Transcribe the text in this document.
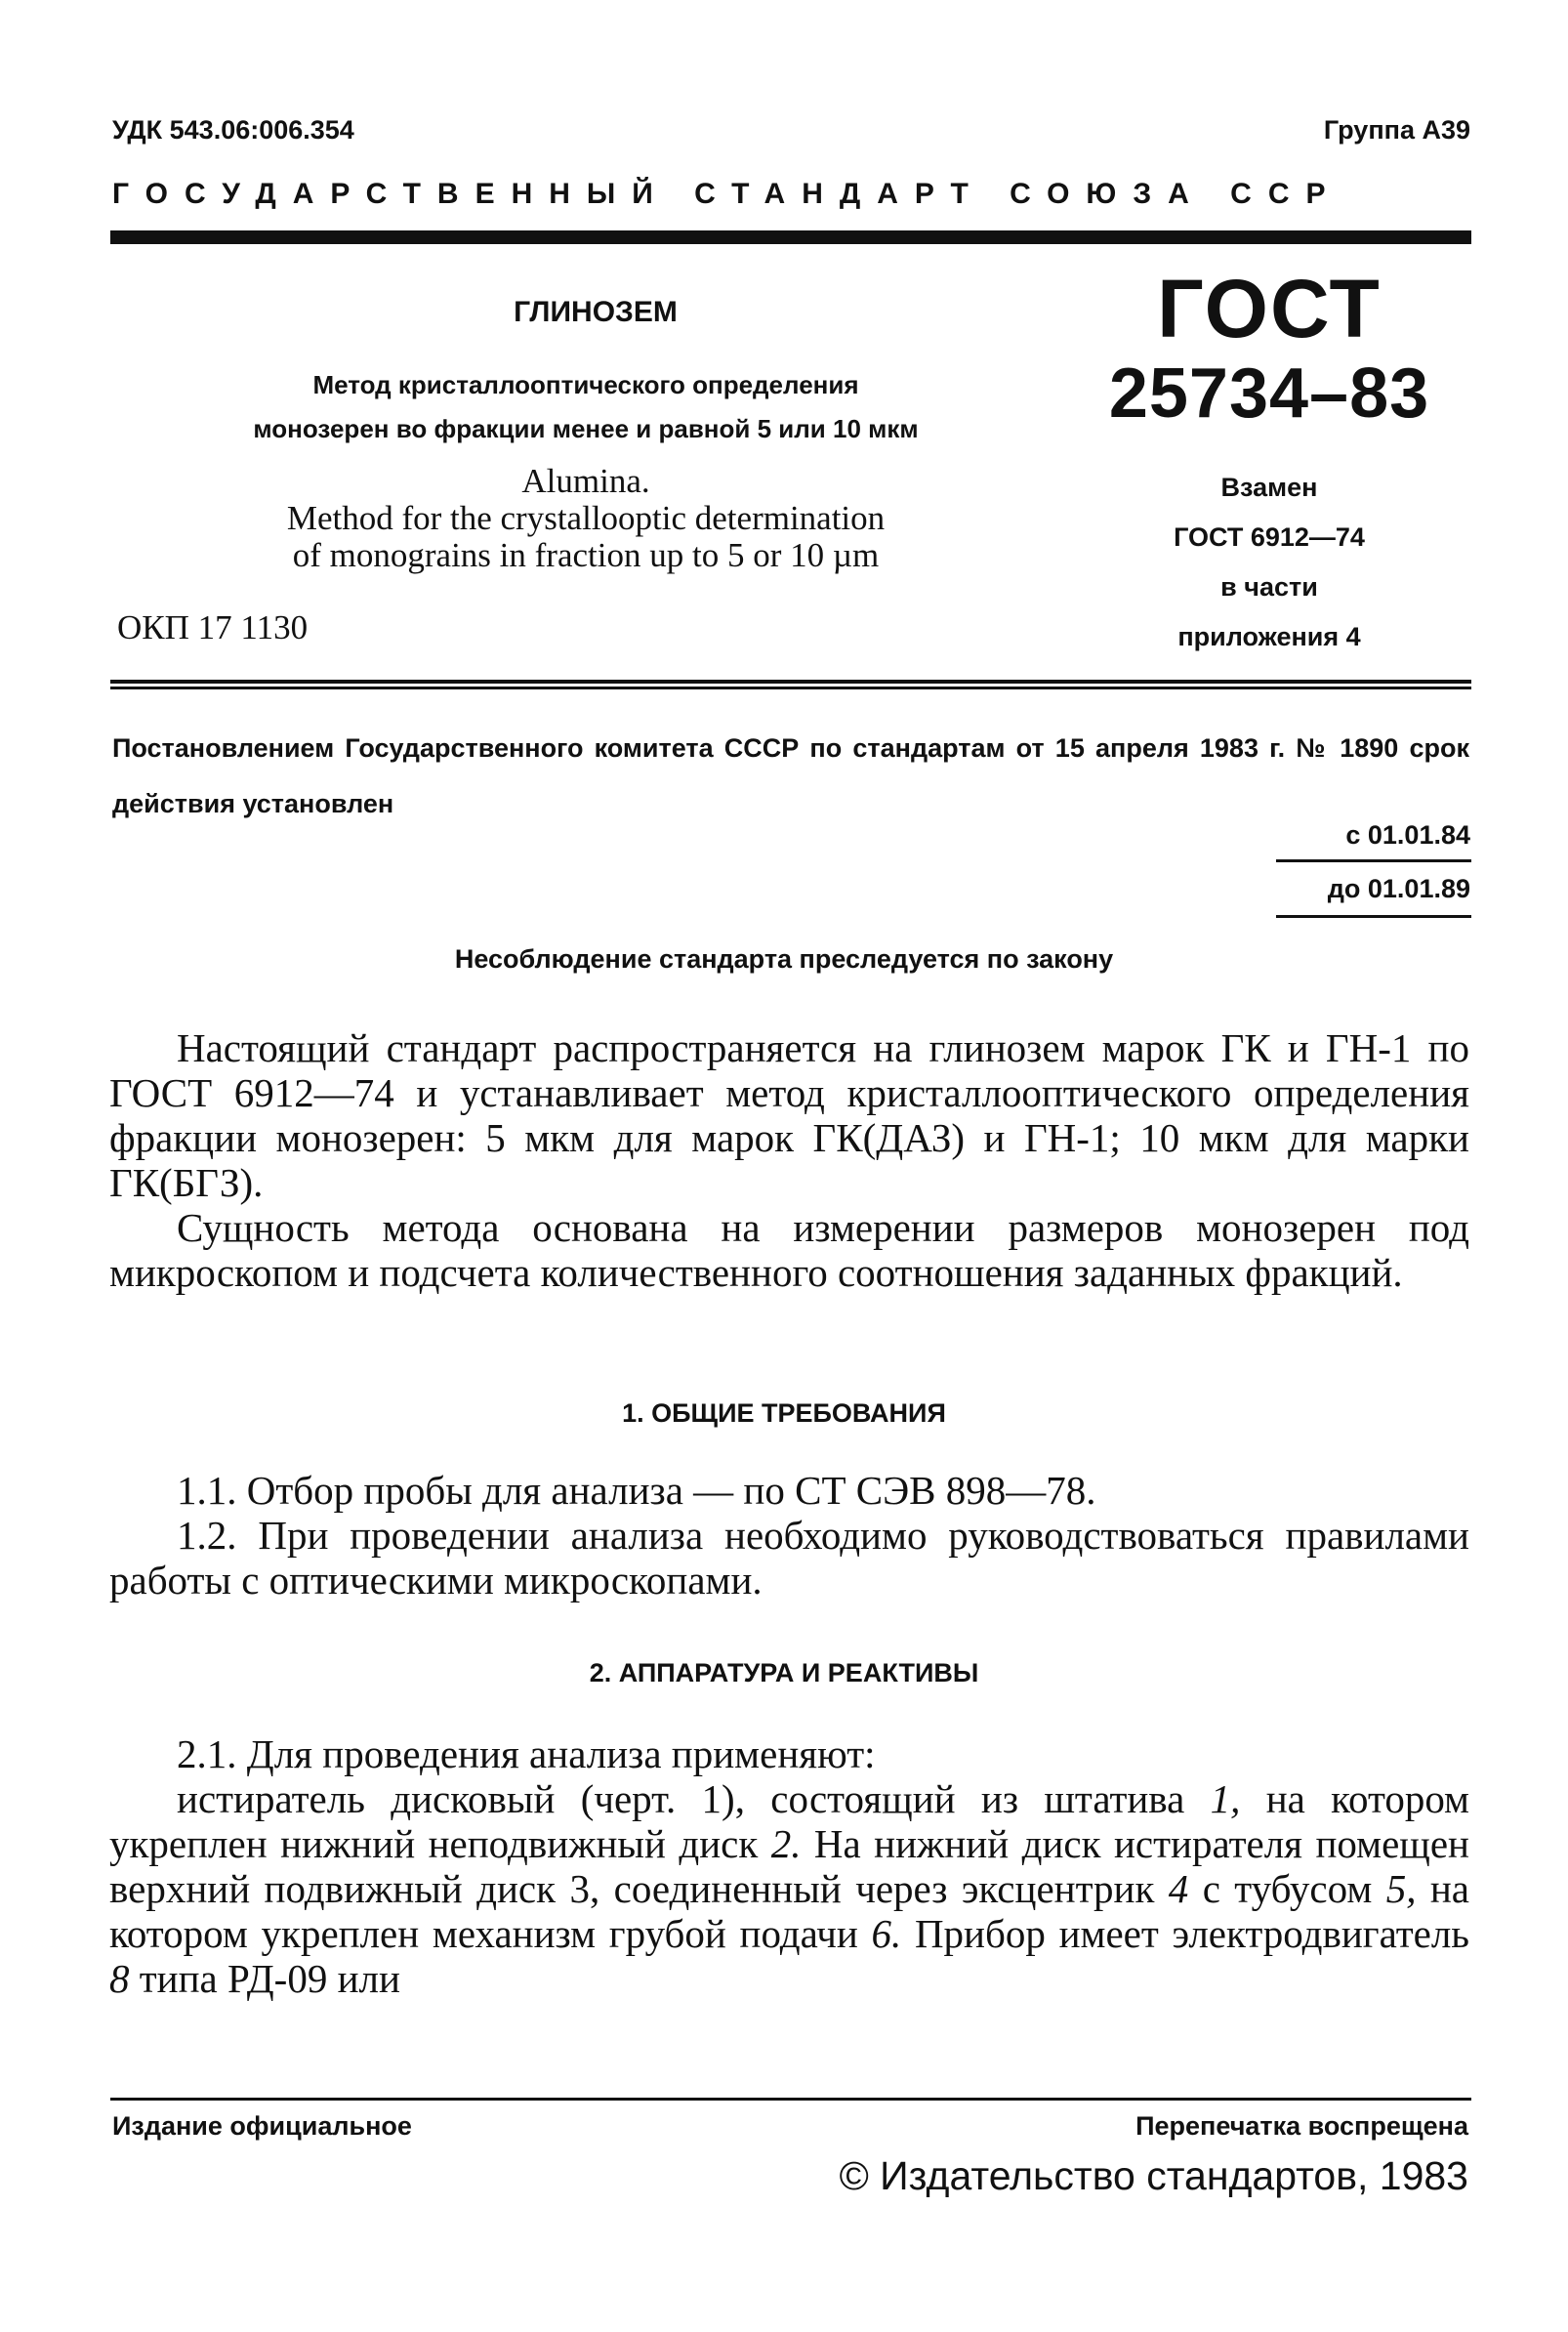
УДК 543.06:006.354	Группа А39
ГОСУДАРСТВЕННЫЙ СТАНДАРТ СОЮЗА ССР
ГЛИНОЗЕМ
Метод кристаллооптического определения
монозерен во фракции менее и равной 5 или 10 мкм
Alumina.
Method for the crystallooptic determination
of monograins in fraction up to 5 or 10 µm
ОКП 17 1130
ГОСТ
25734–83
Взамен
ГОСТ 6912—74
в части
приложения 4
Постановлением Государственного комитета СССР по стандартам от 15 апреля 1983 г. № 1890 срок действия установлен
с 01.01.84
до 01.01.89
Несоблюдение стандарта преследуется по закону

Настоящий стандарт распространяется на глинозем марок ГК и ГН-1 по ГОСТ 6912—74 и устанавливает метод кристаллооптического определения фракции монозерен: 5 мкм для марок ГК(ДАЗ) и ГН-1; 10 мкм для марки ГК(БГЗ).

Сущность метода основана на измерении размеров монозерен под микроскопом и подсчета количественного соотношения заданных фракций.

1. ОБЩИЕ ТРЕБОВАНИЯ

1.1. Отбор пробы для анализа — по СТ СЭВ 898—78.

1.2. При проведении анализа необходимо руководствоваться правилами работы с оптическими микроскопами.

2. АППАРАТУРА И РЕАКТИВЫ

2.1. Для проведения анализа применяют:

истиратель дисковый (черт. 1), состоящий из штатива 1, на котором укреплен нижний неподвижный диск 2. На нижний диск истирателя помещен верхний подвижный диск 3, соединенный через эксцентрик 4 с тубусом 5, на котором укреплен механизм грубой подачи 6. Прибор имеет электродвигатель 8 типа РД-09 или

Издание официальное	Перепечатка воспрещена
© Издательство стандартов, 1983
